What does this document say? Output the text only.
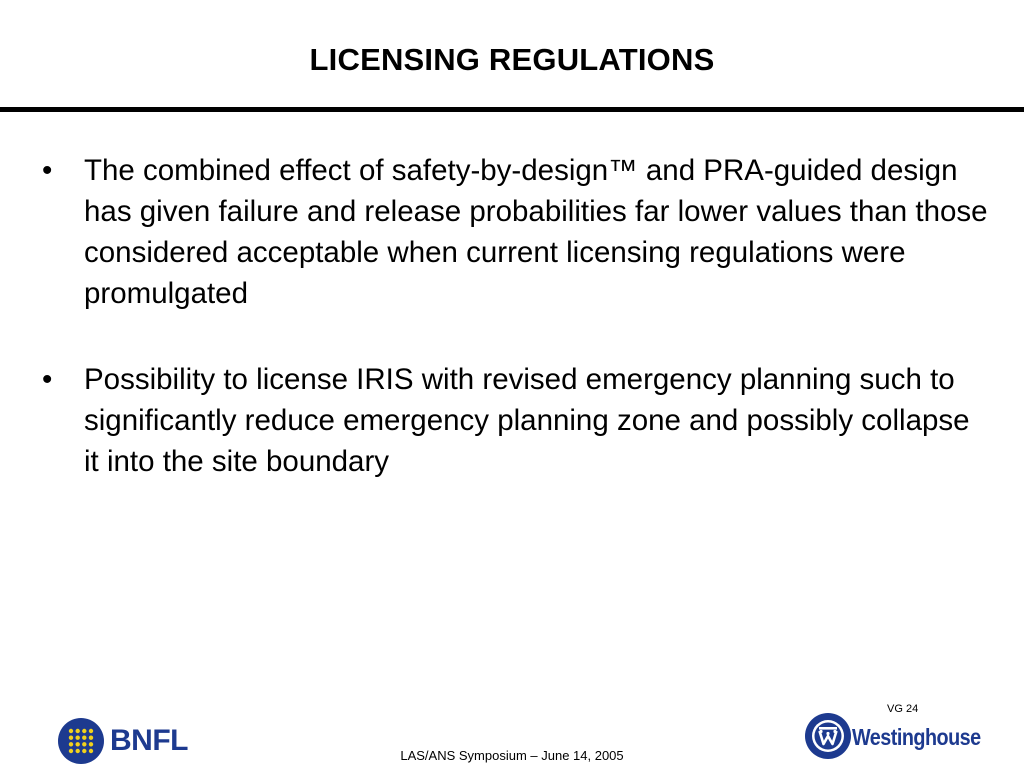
LICENSING REGULATIONS
• The combined effect of safety-by-design™ and PRA-guided design has given failure and release probabilities far lower values than those considered acceptable when current licensing regulations were promulgated
• Possibility to license IRIS with revised emergency planning such to significantly reduce emergency planning zone and possibly collapse it into the site boundary
VG 24
LAS/ANS Symposium – June 14, 2005
BNFL	Westinghouse
